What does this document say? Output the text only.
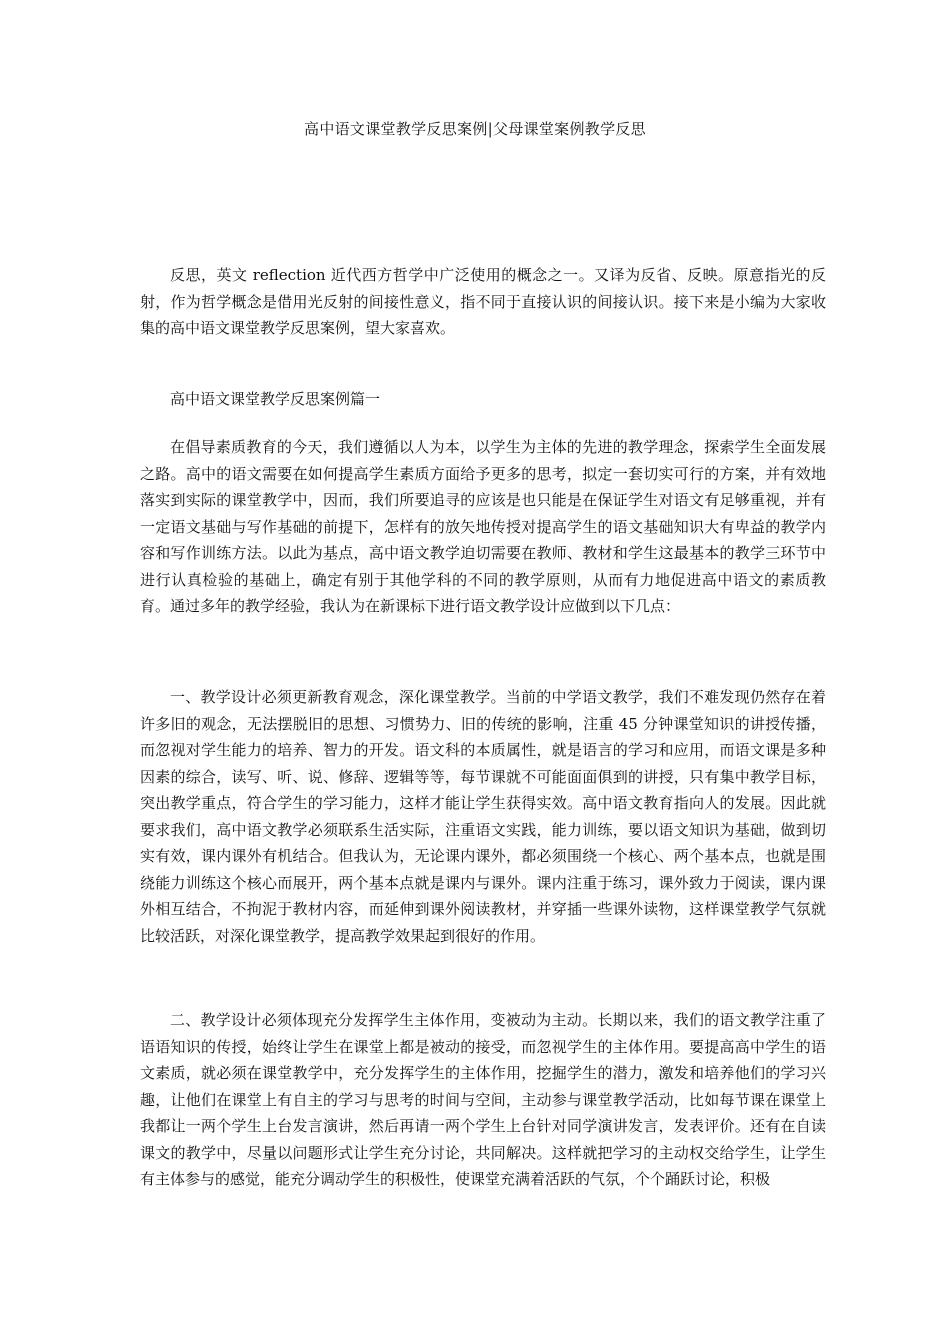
高中语文课堂教学反思案例|父母课堂案例教学反思

反思，英文 reflection 近代西方哲学中广泛使用的概念之一。又译为反省、反映。原意指光的反射，作为哲学概念是借用光反射的间接性意义，指不同于直接认识的间接认识。接下来是小编为大家收集的高中语文课堂教学反思案例，望大家喜欢。

高中语文课堂教学反思案例篇一

在倡导素质教育的今天，我们遵循以人为本，以学生为主体的先进的教学理念，探索学生全面发展之路。高中的语文需要在如何提高学生素质方面给予更多的思考，拟定一套切实可行的方案，并有效地落实到实际的课堂教学中，因而，我们所要追寻的应该是也只能是在保证学生对语文有足够重视，并有一定语文基础与写作基础的前提下，怎样有的放矢地传授对提高学生的语文基础知识大有卑益的教学内容和写作训练方法。以此为基点，高中语文教学迫切需要在教师、教材和学生这最基本的教学三环节中进行认真检验的基础上，确定有别于其他学科的不同的教学原则，从而有力地促进高中语文的素质教育。通过多年的教学经验，我认为在新课标下进行语文教学设计应做到以下几点：

一、教学设计必须更新教育观念，深化课堂教学。当前的中学语文教学，我们不难发现仍然存在着许多旧的观念，无法摆脱旧的思想、习惯势力、旧的传统的影响，注重 45 分钟课堂知识的讲授传播，而忽视对学生能力的培养、智力的开发。语文科的本质属性，就是语言的学习和应用，而语文课是多种因素的综合，读写、听、说、修辞、逻辑等等，每节课就不可能面面俱到的讲授，只有集中教学目标，突出教学重点，符合学生的学习能力，这样才能让学生获得实效。高中语文教育指向人的发展。因此就要求我们，高中语文教学必须联系生活实际，注重语文实践，能力训练，要以语文知识为基础，做到切实有效，课内课外有机结合。但我认为，无论课内课外，都必须围绕一个核心、两个基本点，也就是围绕能力训练这个核心而展开，两个基本点就是课内与课外。课内注重于练习，课外致力于阅读，课内课外相互结合，不拘泥于教材内容，而延伸到课外阅读教材，并穿插一些课外读物，这样课堂教学气氛就比较活跃，对深化课堂教学，提高教学效果起到很好的作用。

二、教学设计必须体现充分发挥学生主体作用，变被动为主动。长期以来，我们的语文教学注重了语语知识的传授，始终让学生在课堂上都是被动的接受，而忽视学生的主体作用。要提高高中学生的语文素质，就必须在课堂教学中，充分发挥学生的主体作用，挖掘学生的潜力，激发和培养他们的学习兴趣，让他们在课堂上有自主的学习与思考的时间与空间，主动参与课堂教学活动，比如每节课在课堂上我都让一两个学生上台发言演讲，然后再请一两个学生上台针对同学演讲发言，发表评价。还有在自读课文的教学中，尽量以问题形式让学生充分讨论，共同解决。这样就把学习的主动权交给学生，让学生有主体参与的感觉，能充分调动学生的积极性，使课堂充满着活跃的气氛，个个踊跃讨论，积极
